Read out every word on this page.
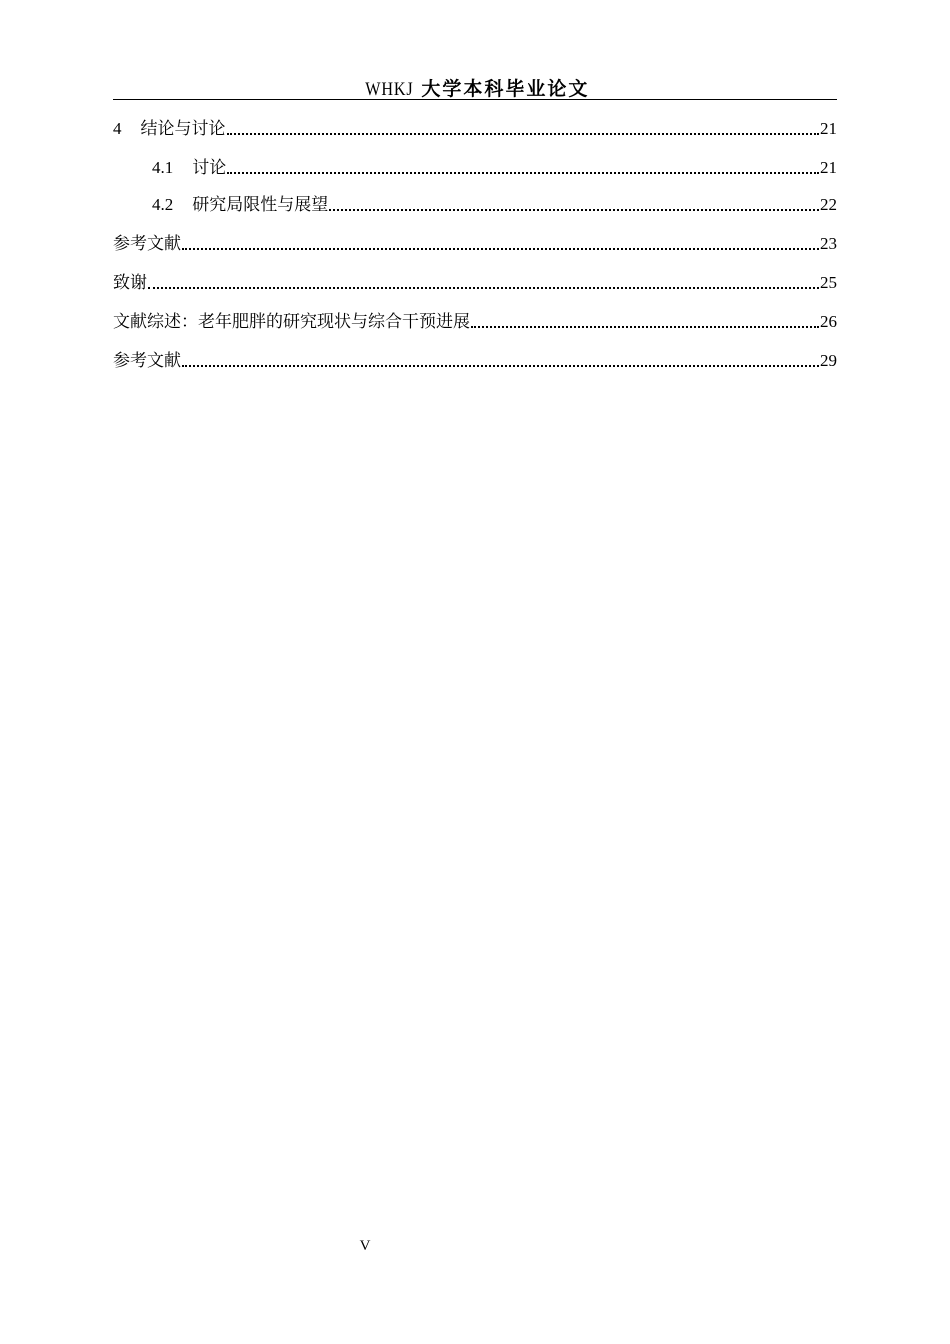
WHKJ 大学本科毕业论文
4 结论与讨论	21
4.1 讨论	21
4.2 研究局限性与展望	22
参考文献	23
致谢	25
文献综述：老年肥胖的研究现状与综合干预进展	26
参考文献	29
V
